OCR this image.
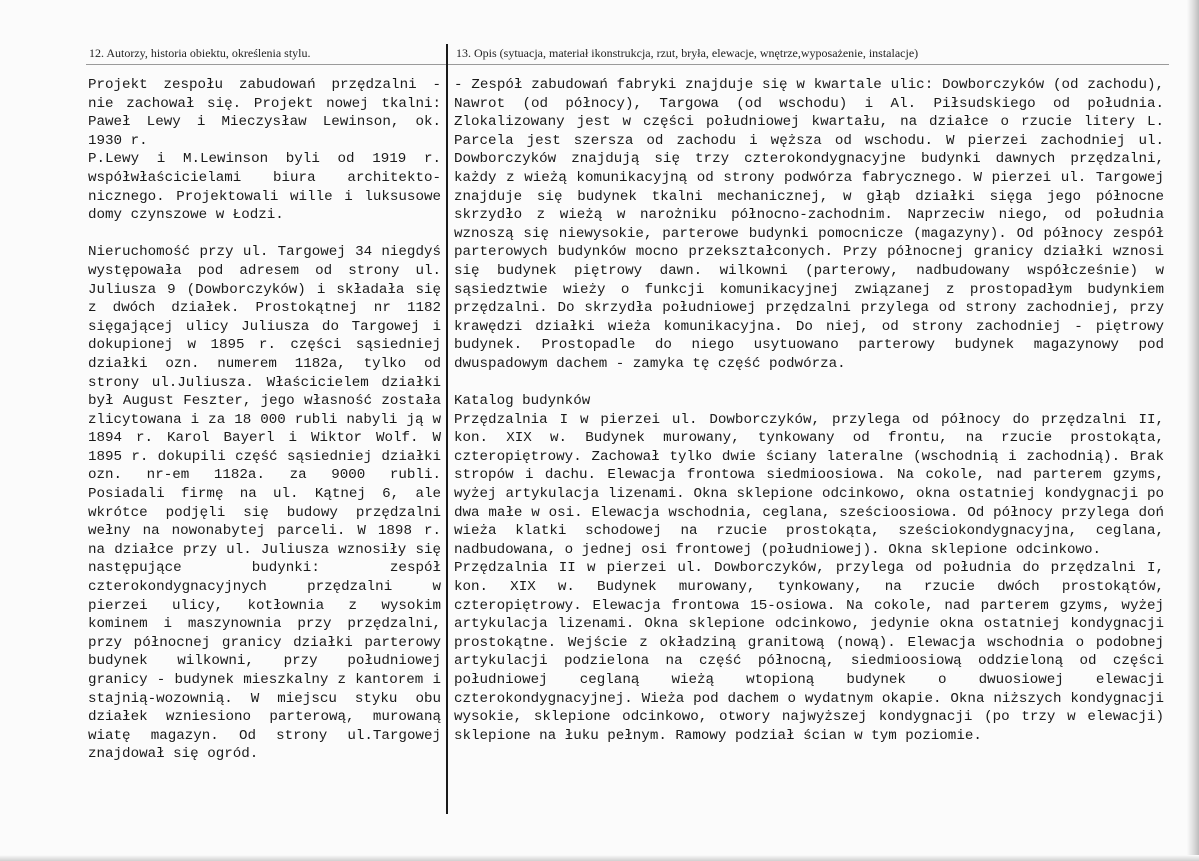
12. Autorzy, historia obiektu, określenia stylu.	13. Opis (sytuacja, materiał ikonstrukcja, rzut, bryła, elewacje, wnętrze,wyposażenie, instalacje)

Projekt zespołu zabudowań przędzalni - nie zachował się. Projekt nowej tkalni: Paweł Lewy i Mieczysław Lewinson, ok. 1930 r.

P.Lewy i M.Lewinson byli od 1919 r. współwłaścicielami biura architekto-nicznego. Projektowali wille i luksusowe domy czynszowe w Łodzi.

Nieruchomość przy ul. Targowej 34 niegdyś występowała pod adresem od strony ul. Juliusza 9 (Dowborczyków) i składała się z dwóch działek. Prostokątnej nr 1182 sięgającej ulicy Juliusza do Targowej i dokupionej w 1895 r. części sąsiedniej działki ozn. numerem 1182a, tylko od strony ul.Juliusza. Właścicielem działki był August Feszter, jego własność została zlicytowana i za 18 000 rubli nabyli ją w 1894 r. Karol Bayerl i Wiktor Wolf. W 1895 r. dokupili część sąsiedniej działki ozn. nr-em 1182a. za 9000 rubli. Posiadali firmę na ul. Kątnej 6, ale wkrótce podjęli się budowy przędzalni wełny na nowonabytej parceli. W 1898 r. na działce przy ul. Juliusza wznosiły się następujące budynki: zespół czterokondygnacyjnych przędzalni w pierzei ulicy, kotłownia z wysokim kominem i maszynownia przy przędzalni, przy północnej granicy działki parterowy budynek wilkowni, przy południowej granicy - budynek mieszkalny z kantorem i stajnią-wozownią. W miejscu styku obu działek wzniesiono parterową, murowaną wiatę magazyn. Od strony ul.Targowej znajdował się ogród.

- Zespół zabudowań fabryki znajduje się w kwartale ulic: Dowborczyków (od zachodu), Nawrot (od północy), Targowa (od wschodu) i Al. Piłsudskiego od południa. Zlokalizowany jest w części południowej kwartału, na działce o rzucie litery L. Parcela jest szersza od zachodu i węższa od wschodu. W pierzei zachodniej ul. Dowborczyków znajdują się trzy czterokondygnacyjne budynki dawnych przędzalni, każdy z wieżą komunikacyjną od strony podwórza fabrycznego. W pierzei ul. Targowej znajduje się budynek tkalni mechanicznej, w głąb działki sięga jego północne skrzydło z wieżą w narożniku północno-zachodnim. Naprzeciw niego, od południa wznoszą się niewysokie, parterowe budynki pomocnicze (magazyny). Od północy zespół parterowych budynków mocno przekształconych. Przy północnej granicy działki wznosi się budynek piętrowy dawn. wilkowni (parterowy, nadbudowany współcześnie) w sąsiedztwie wieży o funkcji komunikacyjnej związanej z prostopadłym budynkiem przędzalni. Do skrzydła południowej przędzalni przylega od strony zachodniej, przy krawędzi działki wieża komunikacyjna. Do niej, od strony zachodniej - piętrowy budynek. Prostopadle do niego usytuowano parterowy budynek magazynowy pod dwuspadowym dachem - zamyka tę część podwórza.

Katalog budynków

Przędzalnia I w pierzei ul. Dowborczyków, przylega od północy do przędzalni II, kon. XIX w. Budynek murowany, tynkowany od frontu, na rzucie prostokąta, czteropiętrowy. Zachował tylko dwie ściany lateralne (wschodnią i zachodnią). Brak stropów i dachu. Elewacja frontowa siedmioosiowa. Na cokole, nad parterem gzyms, wyżej artykulacja lizenami. Okna sklepione odcinkowo, okna ostatniej kondygnacji po dwa małe w osi. Elewacja wschodnia, ceglana, sześcioosiowa. Od północy przylega doń wieża klatki schodowej na rzucie prostokąta, sześciokondygnacyjna, ceglana, nadbudowana, o jednej osi frontowej (południowej). Okna sklepione odcinkowo.

Przędzalnia II w pierzei ul. Dowborczyków, przylega od południa do przędzalni I, kon. XIX w. Budynek murowany, tynkowany, na rzucie dwóch prostokątów, czteropiętrowy. Elewacja frontowa 15-osiowa. Na cokole, nad parterem gzyms, wyżej artykulacja lizenami. Okna sklepione odcinkowo, jedynie okna ostatniej kondygnacji prostokątne. Wejście z okładziną granitową (nową). Elewacja wschodnia o podobnej artykulacji podzielona na część północną, siedmioosiową oddzieloną od części południowej ceglaną wieżą wtopioną budynek o dwuosiowej elewacji czterokondygnacyjnej. Wieża pod dachem o wydatnym okapie. Okna niższych kondygnacji wysokie, sklepione odcinkowo, otwory najwyższej kondygnacji (po trzy w elewacji) sklepione na łuku pełnym. Ramowy podział ścian w tym poziomie.
